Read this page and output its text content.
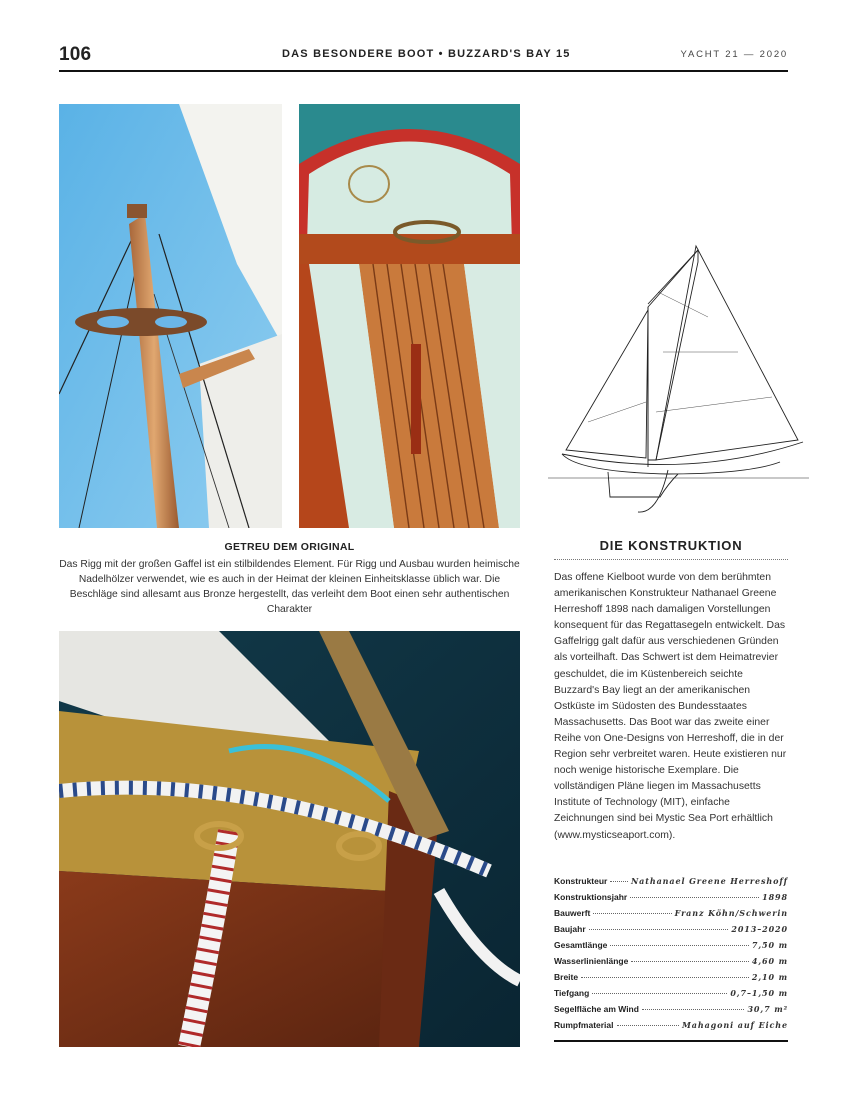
106	DAS BESONDERE BOOT • BUZZARD'S BAY 15	YACHT 21 — 2020
GETREU DEM ORIGINAL
Das Rigg mit der großen Gaffel ist ein stilbildendes Element. Für Rigg und Ausbau wurden heimische Nadelhölzer verwendet, wie es auch in der Heimat der kleinen Einheitsklasse üblich war. Die Beschläge sind allesamt aus Bronze hergestellt, das verleiht dem Boot einen sehr authentischen Charakter
DIE KONSTRUKTION
Das offene Kielboot wurde von dem berühmten amerikanischen Konstrukteur Nathanael Greene Herreshoff 1898 nach damaligen Vorstellungen konsequent für das Regattasegeln entwickelt. Das Gaffelrigg galt dafür aus verschiedenen Gründen als vorteilhaft. Das Schwert ist dem Heimatrevier geschuldet, die im Küstenbereich seichte Buzzard's Bay liegt an der amerikanischen Ostküste im Südosten des Bundesstaates Massachusetts. Das Boot war das zweite einer Reihe von One-Designs von Herreshoff, die in der Region sehr verbreitet waren. Heute existieren nur noch wenige historische Exemplare. Die vollständigen Pläne liegen im Massachusetts Institute of Technology (MIT), einfache Zeichnungen sind bei Mystic Sea Port erhältlich (www.mysticseaport.com).
Konstrukteur	Nathanael Greene Herreshoff
Konstruktionsjahr	1898
Bauwerft	Franz Köhn/Schwerin
Baujahr	2013–2020
Gesamtlänge	7,50 m
Wasserlinienlänge	4,60 m
Breite	2,10 m
Tiefgang	0,7–1,50 m
Segelfläche am Wind	30,7 m²
Rumpfmaterial	Mahagoni auf Eiche
